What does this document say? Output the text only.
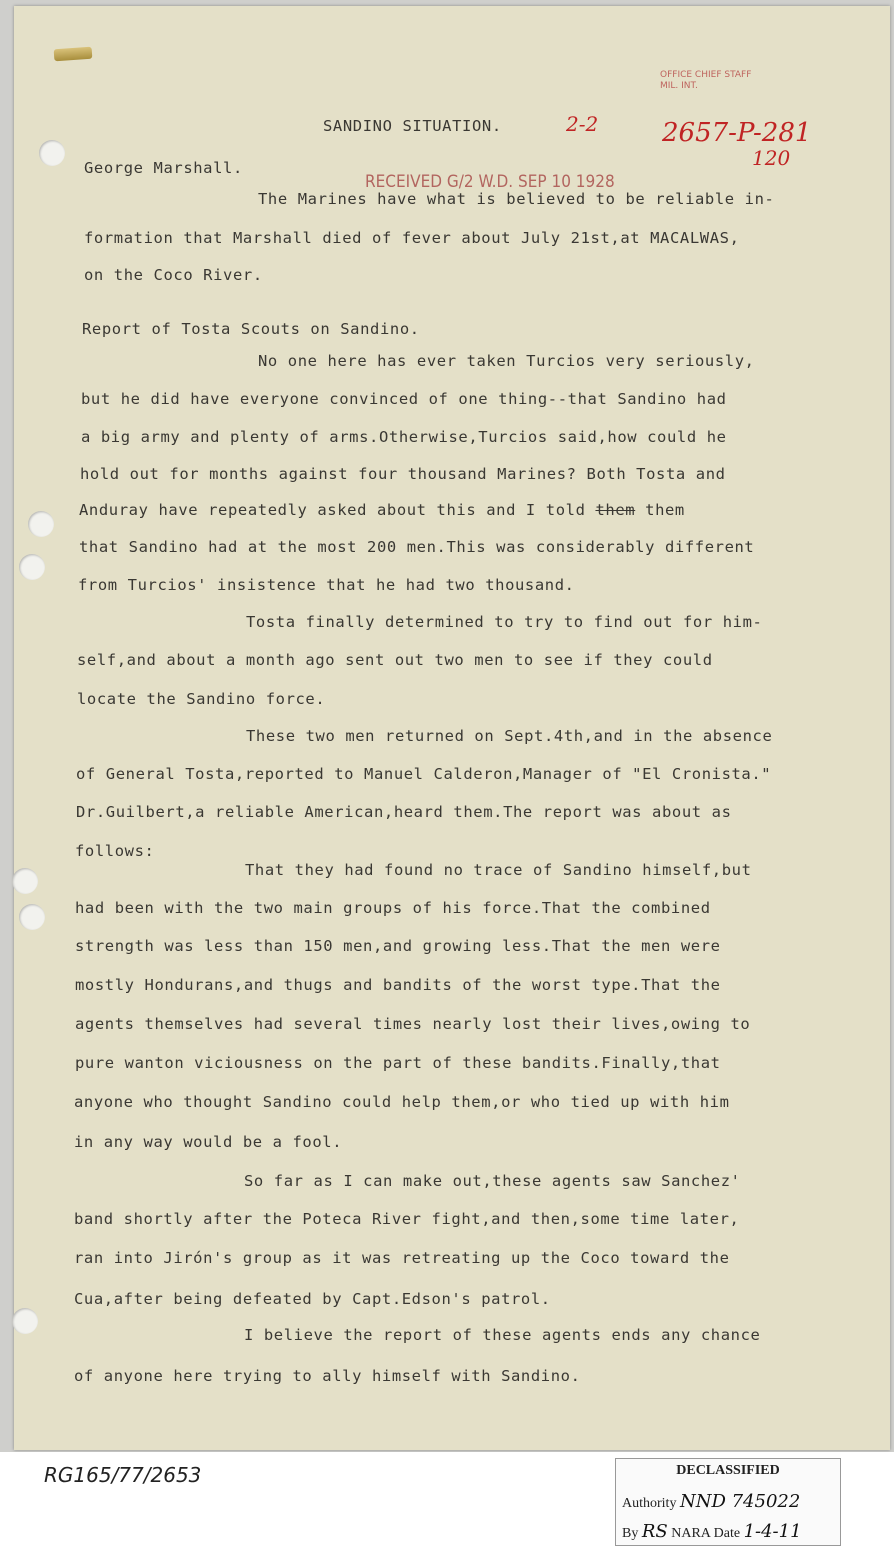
OFFICE CHIEF STAFF
MIL. INT.
2-2 2657-P-281
120
SANDINO SITUATION.
RECEIVED G/2 W.D. SEP 10 1928
George Marshall.
The Marines have what is believed to be reliable in-
formation that Marshall died of fever about July 21st,at MACALWAS,
on the Coco River.
Report of Tosta Scouts on Sandino.
No one here has ever taken Turcios very seriously,
but he did have everyone convinced of one thing--that Sandino had
a big army and plenty of arms.Otherwise,Turcios said,how could he
hold out for months against four thousand Marines? Both Tosta and
Anduray have repeatedly asked about this and I told them them
that Sandino had at the most 200 men.This was considerably different
from Turcios' insistence that he had two thousand.
Tosta finally determined to try to find out for him-
self,and about a month ago sent out two men to see if they could
locate the Sandino force.
These two men returned on Sept.4th,and in the absence
of General Tosta,reported to Manuel Calderon,Manager of "El Cronista."
Dr.Guilbert,a reliable American,heard them.The report was about as
follows:
That they had found no trace of Sandino himself,but
had been with the two main groups of his force.That the combined
strength was less than 150 men,and growing less.That the men were
mostly Hondurans,and thugs and bandits of the worst type.That the
agents themselves had several times nearly lost their lives,owing to
pure wanton viciousness on the part of these bandits.Finally,that
anyone who thought Sandino could help them,or who tied up with him
in any way would be a fool.
So far as I can make out,these agents saw Sanchez'
band shortly after the Poteca River fight,and then,some time later,
ran into Jirón's group as it was retreating up the Coco toward the
Cua,after being defeated by Capt.Edson's patrol.
I believe the report of these agents ends any chance
of anyone here trying to ally himself with Sandino.
RG165/77/2653	DECLASSIFIED
Authority NND 745022
By RS NARA Date 1-4-11
